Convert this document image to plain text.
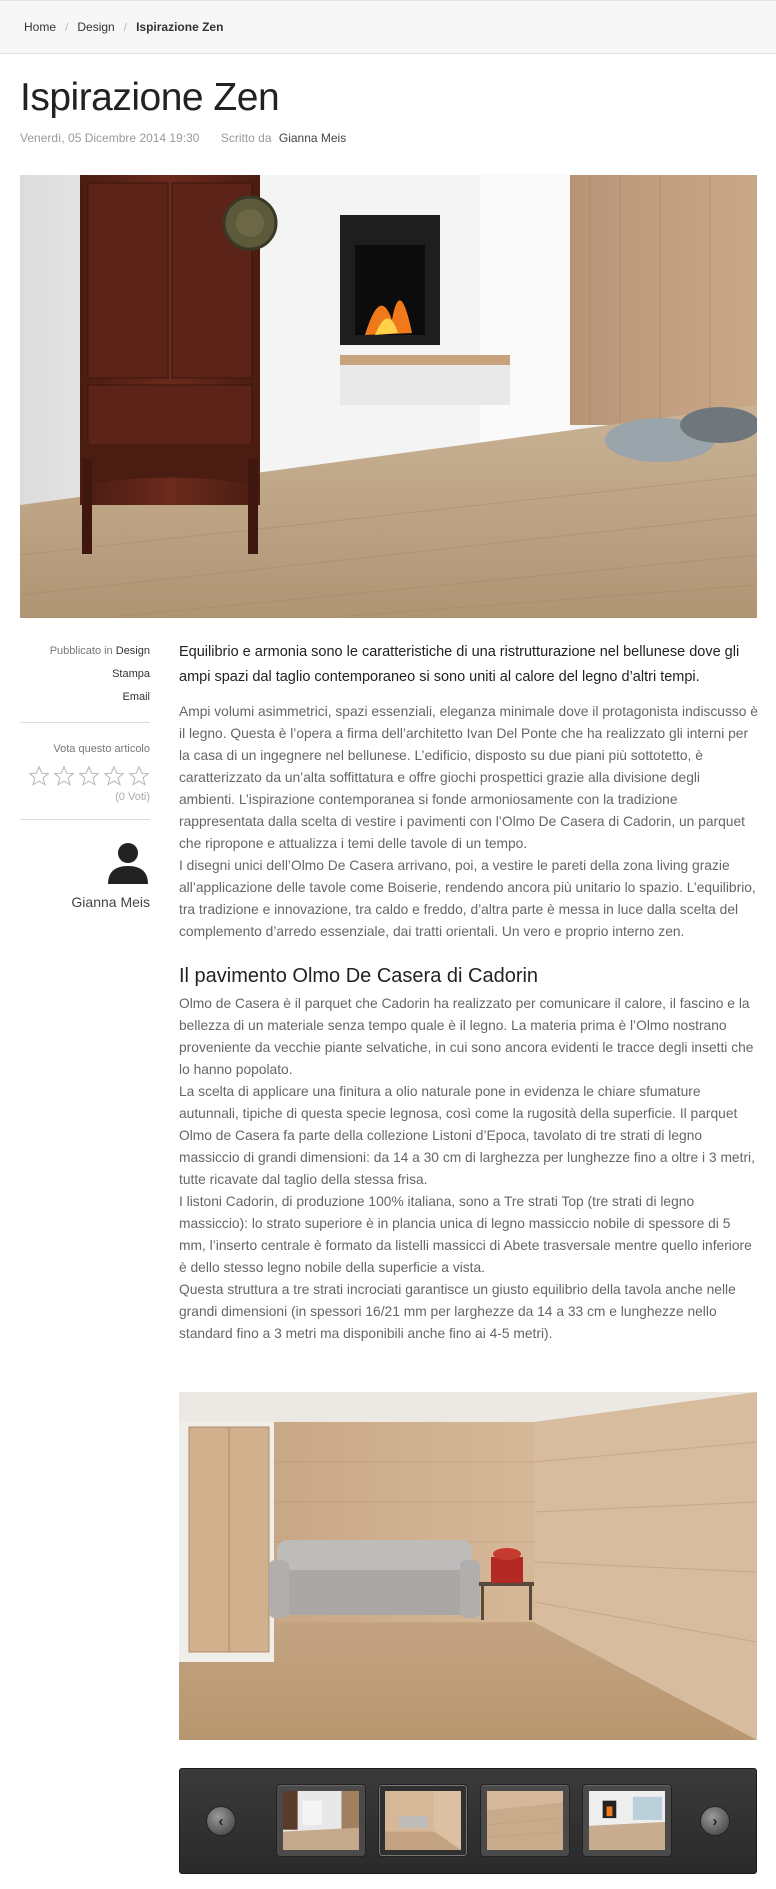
Home / Design / Ispirazione Zen
Ispirazione Zen
Venerdì, 05 Dicembre 2014 19:30 Scritto da Gianna Meis
Pubblicato in Design
Stampa
Email
Vota questo articolo
(0 Voti)
Gianna Meis

Equilibrio e armonia sono le caratteristiche di una ristrutturazione nel bellunese dove gli ampi spazi dal taglio contemporaneo si sono uniti al calore del legno d’altri tempi.

Ampi volumi asimmetrici, spazi essenziali, eleganza minimale dove il protagonista indiscusso è il legno. Questa è l’opera a firma dell’architetto Ivan Del Ponte che ha realizzato gli interni per la casa di un ingegnere nel bellunese. L’edificio, disposto su due piani più sottotetto, è caratterizzato da un’alta soffittatura e offre giochi prospettici grazie alla divisione degli ambienti. L’ispirazione contemporanea si fonde armoniosamente con la tradizione rappresentata dalla scelta di vestire i pavimenti con l’Olmo De Casera di Cadorin, un parquet che ripropone e attualizza i temi delle tavole di un tempo.

I disegni unici dell’Olmo De Casera arrivano, poi, a vestire le pareti della zona living grazie all’applicazione delle tavole come Boiserie, rendendo ancora più unitario lo spazio. L’equilibrio, tra tradizione e innovazione, tra caldo e freddo, d’altra parte è messa in luce dalla scelta del complemento d’arredo essenziale, dai tratti orientali. Un vero e proprio interno zen.

Il pavimento Olmo De Casera di Cadorin

Olmo de Casera è il parquet che Cadorin ha realizzato per comunicare il calore, il fascino e la bellezza di un materiale senza tempo quale è il legno. La materia prima è l’Olmo nostrano proveniente da vecchie piante selvatiche, in cui sono ancora evidenti le tracce degli insetti che lo hanno popolato.

La scelta di applicare una finitura a olio naturale pone in evidenza le chiare sfumature autunnali, tipiche di questa specie legnosa, così come la rugosità della superficie. Il parquet Olmo de Casera fa parte della collezione Listoni d’Epoca, tavolato di tre strati di legno massiccio di grandi dimensioni: da 14 a 30 cm di larghezza per lunghezze fino a oltre i 3 metri, tutte ricavate dal taglio della stessa frisa.

I listoni Cadorin, di produzione 100% italiana, sono a Tre strati Top (tre strati di legno massiccio): lo strato superiore è in plancia unica di legno massiccio nobile di spessore di 5 mm, l’inserto centrale è formato da listelli massicci di Abete trasversale mentre quello inferiore è dello stesso legno nobile della superficie a vista.

Questa struttura a tre strati incrociati garantisce un giusto equilibrio della tavola anche nelle grandi dimensioni (in spessori 16/21 mm per larghezze da 14 a 33 cm e lunghezze nello standard fino a 3 metri ma disponibili anche fino ai 4-5 metri).

‹	›
